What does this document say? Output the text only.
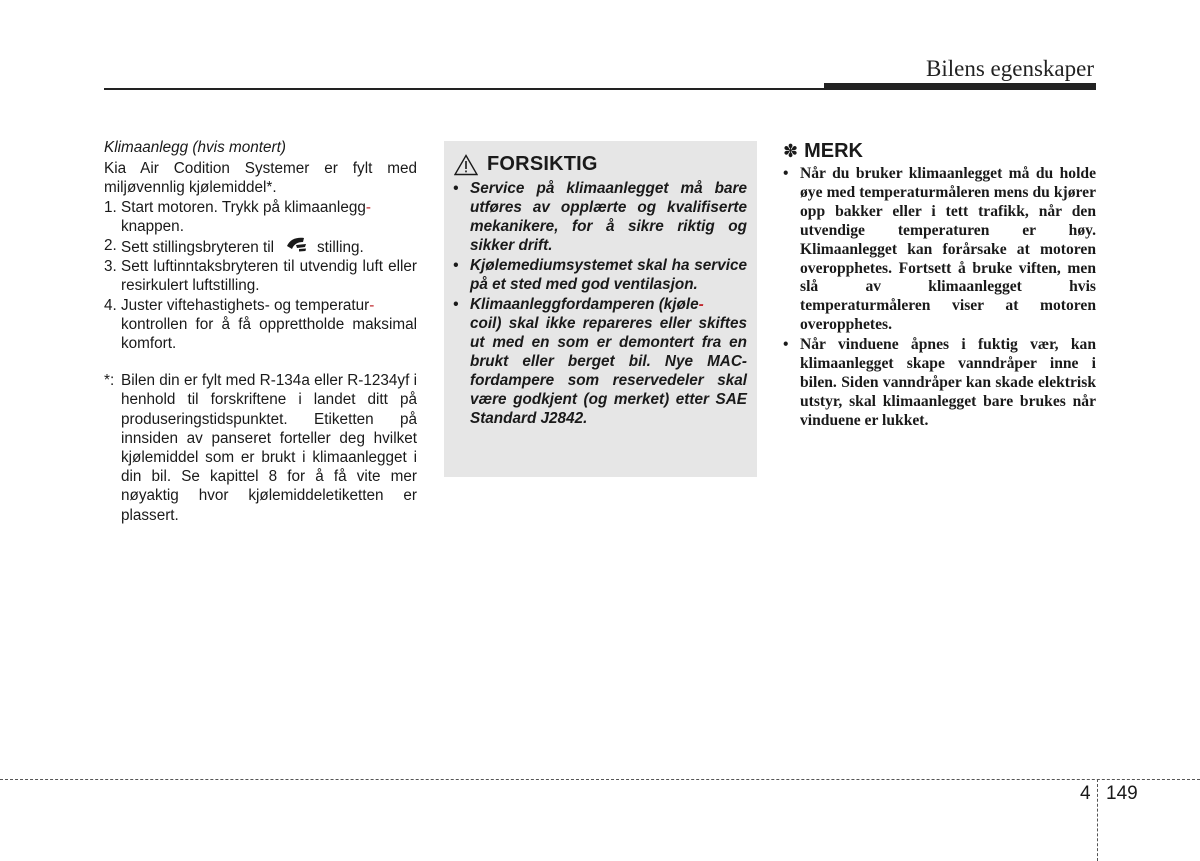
Bilens egenskaper
Klimaanlegg (hvis montert)
Kia Air Codition Systemer er fylt med miljøvennlig kjølemiddel*.
1. Start motoren. Trykk på klimaanlegg-
knappen.
2. Sett stillingsbryteren til	stilling.
3. Sett luftinntaksbryteren til utvendig luft eller resirkulert luftstilling.
4. Juster viftehastighets- og temperatur-
kontrollen for å få opprettholde maksimal komfort.
*: Bilen din er fylt med R-134a eller R-1234yf i henhold til forskriftene i landet ditt på produseringstidspunktet. Etiketten på innsiden av panseret forteller deg hvilket kjølemiddel som er brukt i klimaanlegget i din bil. Se kapittel 8 for å få vite mer nøyaktig hvor kjølemiddeletiketten er plassert.
FORSIKTIG
• Service på klimaanlegget må bare utføres av opplærte og kvalifiserte mekanikere, for å sikre riktig og sikker drift.
• Kjølemediumsystemet skal ha service på et sted med god ventilasjon.
• Klimaanleggfordamperen (kjøle-
coil) skal ikke repareres eller skiftes ut med en som er demontert fra en brukt eller berget bil. Nye MAC-fordampere som reservedeler skal være godkjent (og merket) etter SAE Standard J2842.
✽ MERK
• Når du bruker klimaanlegget må du holde øye med temperaturmåleren mens du kjører opp bakker eller i tett trafikk, når den utvendige temperaturen er høy. Klimaanlegget kan forårsake at motoren overopphetes. Fortsett å bruke viften, men slå av klimaanlegget hvis temperaturmåleren viser at motoren overopphetes.
• Når vinduene åpnes i fuktig vær, kan klimaanlegget skape vanndråper inne i bilen. Siden vanndråper kan skade elektrisk utstyr, skal klimaanlegget bare brukes når vinduene er lukket.
4 149
